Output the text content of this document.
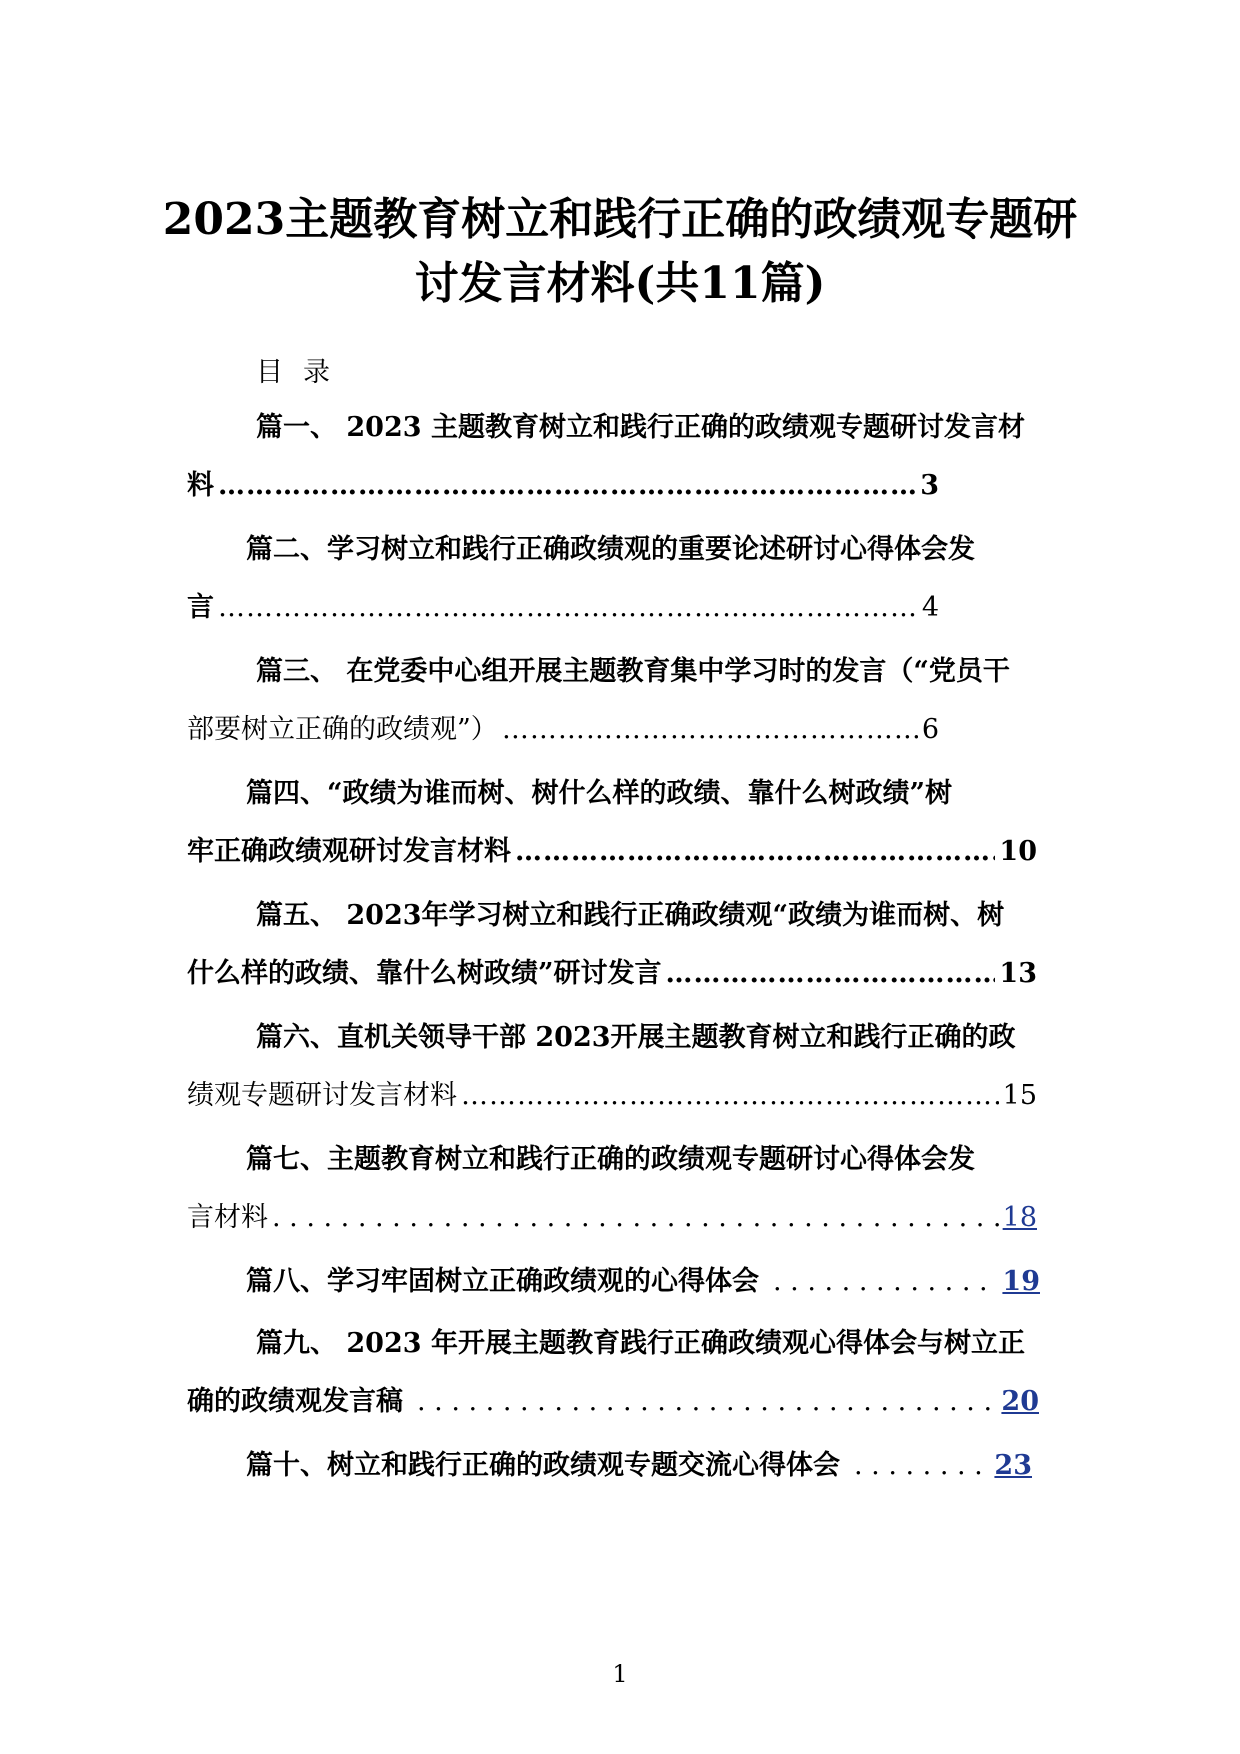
2023主题教育树立和践行正确的政绩观专题研讨发言材料(共11篇)

目录

篇一、 2023 主题教育树立和践行正确的政绩观专题研讨发言材
料 ……………………………………………………………………………………………………………………………………………………………………………………………………………………	3
篇二、学习树立和践行正确政绩观的重要论述研讨心得体会发
言 ……………………………………………………………………………………………………………………………………………………………………………………………………………………	4
篇三、 在党委中心组开展主题教育集中学习时的发言（“党员干
部要树立正确的政绩观”） ……………………………………………………………………………………………………………………………………………………………………………………………………………………	6
篇四、“政绩为谁而树、树什么样的政绩、靠什么树政绩”树
牢正确政绩观研讨发言材料 ……………………………………………………………………………………………………………………………………………………………………………………………………………………	10
篇五、 2023年学习树立和践行正确政绩观“政绩为谁而树、树
什么样的政绩、靠什么树政绩”研讨发言 ……………………………………………………………………………………………………………………………………………………………………………………………………………………	13
篇六、直机关领导干部 2023开展主题教育树立和践行正确的政
绩观专题研讨发言材料 ……………………………………………………………………………………………………………………………………………………………………………………………………………………	15
篇七、主题教育树立和践行正确的政绩观专题研讨心得体会发
言材料 . . .	18
篇八、学习牢固树立正确政绩观的心得体会 . . .	19
篇九、 2023 年开展主题教育践行正确政绩观心得体会与树立正
确的政绩观发言稿 . . .	20
篇十、树立和践行正确的政绩观专题交流心得体会 . . .	23
1
